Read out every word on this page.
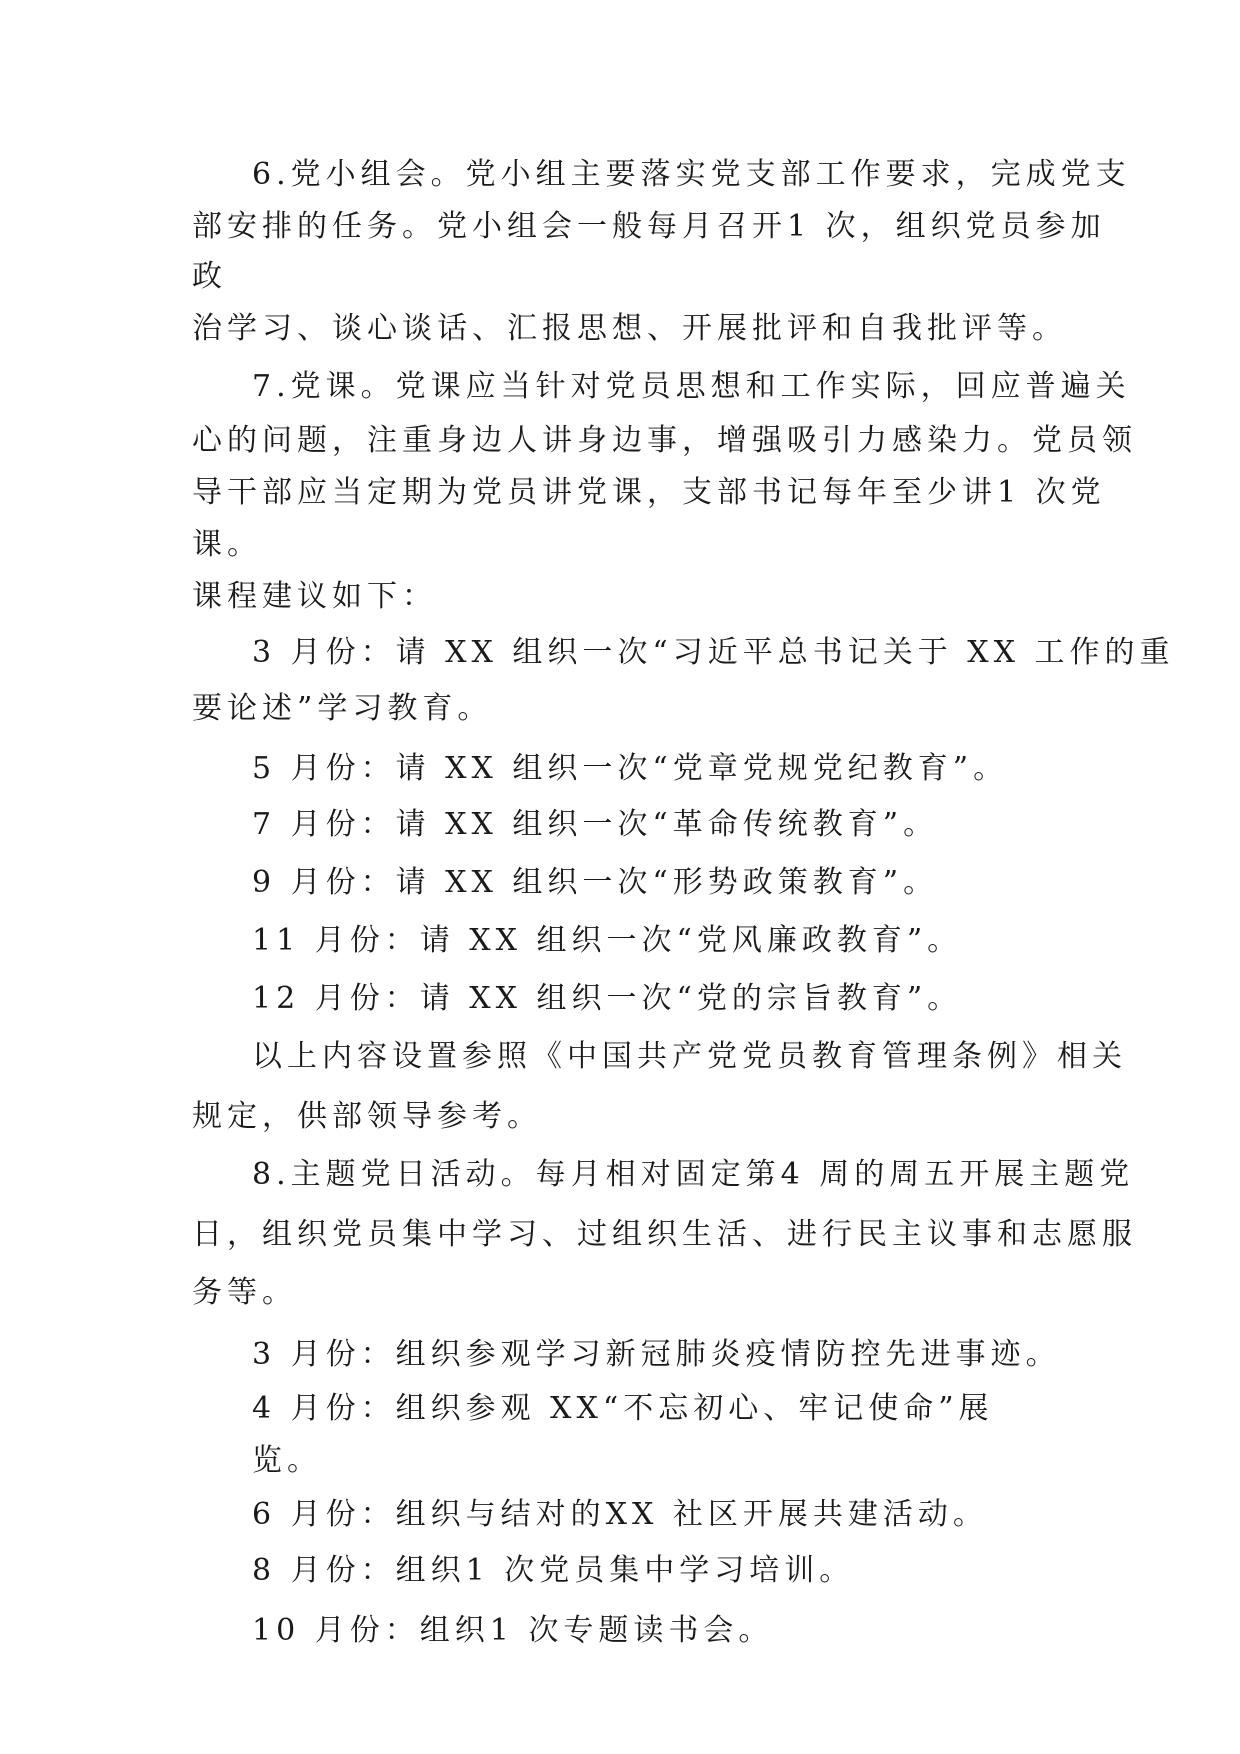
6.党小组会。党小组主要落实党支部工作要求，完成党支
部安排的任务。党小组会一般每月召开1 次，组织党员参加
政
治学习、谈心谈话、汇报思想、开展批评和自我批评等。
7.党课。党课应当针对党员思想和工作实际，回应普遍关
心的问题，注重身边人讲身边事，增强吸引力感染力。党员领
导干部应当定期为党员讲党课，支部书记每年至少讲1 次党
课。
课程建议如下：
3 月份：请 XX 组织一次“习近平总书记关于 XX 工作的重
要论述”学习教育。
5 月份：请 XX 组织一次“党章党规党纪教育”。
7 月份：请 XX 组织一次“革命传统教育”。
9 月份：请 XX 组织一次“形势政策教育”。
11 月份：请 XX 组织一次“党风廉政教育”。
12 月份：请 XX 组织一次“党的宗旨教育”。
以上内容设置参照《中国共产党党员教育管理条例》相关
规定，供部领导参考。
8.主题党日活动。每月相对固定第4 周的周五开展主题党
日，组织党员集中学习、过组织生活、进行民主议事和志愿服
务等。
3 月份：组织参观学习新冠肺炎疫情防控先进事迹。
4 月份：组织参观 XX“不忘初心、牢记使命”展
览。
6 月份：组织与结对的XX 社区开展共建活动。
8 月份：组织1 次党员集中学习培训。
10 月份：组织1 次专题读书会。
